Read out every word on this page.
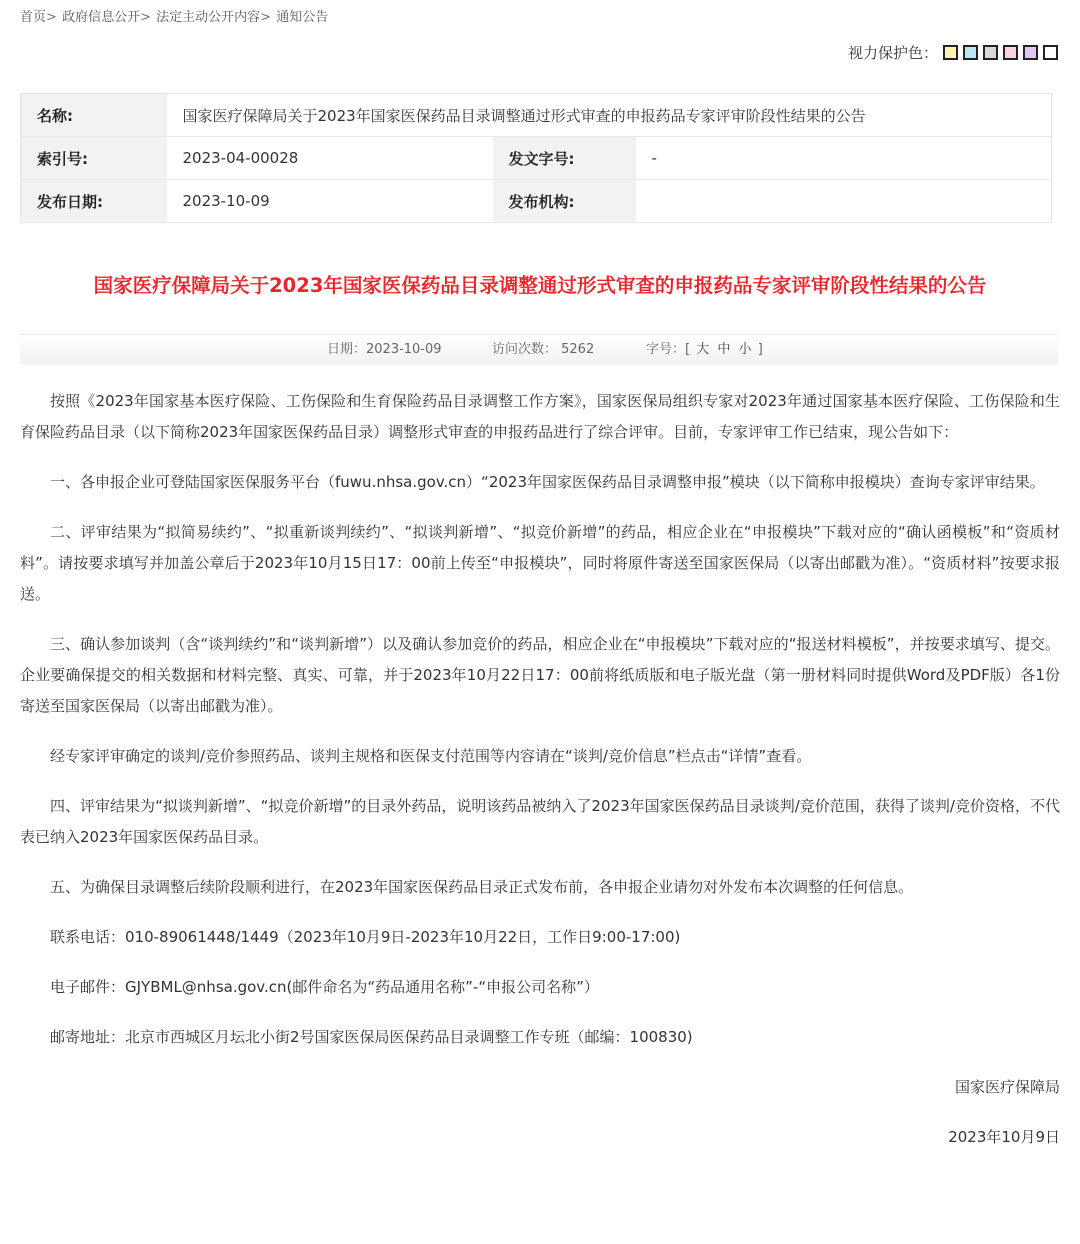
首页> 政府信息公开> 法定主动公开内容> 通知公告
视力保护色：
名称:	国家医疗保障局关于2023年国家医保药品目录调整通过形式审查的申报药品专家评审阶段性结果的公告		
索引号:	2023-04-00028	发文字号:	-
发布日期:	2023-10-09	发布机构:	
国家医疗保障局关于2023年国家医保药品目录调整通过形式审查的申报药品专家评审阶段性结果的公告
日期：2023-10-09	访问次数： 5262	字号：[ 大 中 小 ]

按照《2023年国家基本医疗保险、工伤保险和生育保险药品目录调整工作方案》，国家医保局组织专家对2023年通过国家基本医疗保险、工伤保险和生育保险药品目录（以下简称2023年国家医保药品目录）调整形式审查的申报药品进行了综合评审。目前，专家评审工作已结束，现公告如下：

一、各申报企业可登陆国家医保服务平台（fuwu.nhsa.gov.cn）“2023年国家医保药品目录调整申报”模块（以下简称申报模块）查询专家评审结果。

二、评审结果为“拟简易续约”、“拟重新谈判续约”、“拟谈判新增”、“拟竞价新增”的药品，相应企业在“申报模块”下载对应的“确认函模板”和“资质材料”。请按要求填写并加盖公章后于2023年10月15日17：00前上传至“申报模块”，同时将原件寄送至国家医保局（以寄出邮戳为准）。“资质材料”按要求报送。

三、确认参加谈判（含“谈判续约”和“谈判新增”）以及确认参加竞价的药品，相应企业在“申报模块”下载对应的“报送材料模板”，并按要求填写、提交。企业要确保提交的相关数据和材料完整、真实、可靠，并于2023年10月22日17：00前将纸质版和电子版光盘（第一册材料同时提供Word及PDF版）各1份寄送至国家医保局（以寄出邮戳为准）。

经专家评审确定的谈判/竞价参照药品、谈判主规格和医保支付范围等内容请在“谈判/竞价信息”栏点击“详情”查看。

四、评审结果为“拟谈判新增”、“拟竞价新增”的目录外药品，说明该药品被纳入了2023年国家医保药品目录谈判/竞价范围，获得了谈判/竞价资格，不代表已纳入2023年国家医保药品目录。

五、为确保目录调整后续阶段顺利进行，在2023年国家医保药品目录正式发布前，各申报企业请勿对外发布本次调整的任何信息。

联系电话：010-89061448/1449（2023年10月9日-2023年10月22日，工作日9:00-17:00)

电子邮件：GJYBML@nhsa.gov.cn(邮件命名为“药品通用名称”-“申报公司名称”）

邮寄地址：北京市西城区月坛北小街2号国家医保局医保药品目录调整工作专班（邮编：100830)

国家医疗保障局

2023年10月9日
